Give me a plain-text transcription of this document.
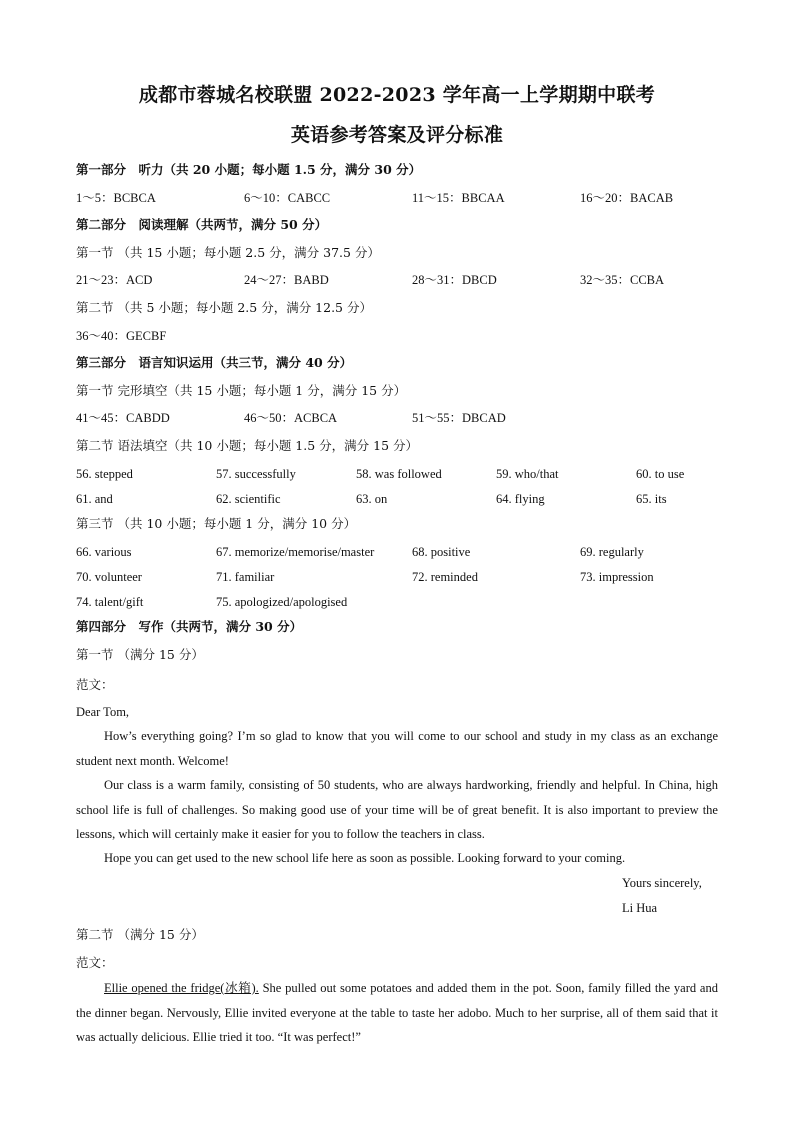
成都市蓉城名校联盟 2022-2023 学年高一上学期期中联考
英语参考答案及评分标准
第一部分　听力（共 20 小题；每小题 1.5 分，满分 30 分）
1～5：BCBCA	6～10：CABCC	11～15：BBCAA	16～20：BACAB
第二部分　阅读理解（共两节，满分 50 分）
第一节 （共 15 小题；每小题 2.5 分，满分 37.5 分）
21～23：ACD	24～27：BABD	28～31：DBCD	32～35：CCBA
第二节 （共 5 小题；每小题 2.5 分，满分 12.5 分）
36～40：GECBF
第三部分　语言知识运用（共三节，满分 40 分）
第一节 完形填空（共 15 小题；每小题 1 分，满分 15 分）
41～45：CABDD	46～50：ACBCA	51～55：DBCAD
第二节 语法填空（共 10 小题；每小题 1.5 分，满分 15 分）
56. stepped	57. successfully	58. was followed	59. who/that	60. to use
61. and	62. scientific	63. on	64. flying	65. its
第三节 （共 10 小题；每小题 1 分，满分 10 分）
66. various	67. memorize/memorise/master	68. positive	69. regularly
70. volunteer	71. familiar	72. reminded	73. impression
74. talent/gift	75. apologized/apologised
第四部分　写作（共两节，满分 30 分）
第一节 （满分 15 分）
范文：
Dear Tom,
How’s everything going? I’m so glad to know that you will come to our school and study in my class as an exchange student next month. Welcome!
Our class is a warm family, consisting of 50 students, who are always hardworking, friendly and helpful. In China, high school life is full of challenges. So making good use of your time will be of great benefit. It is also important to preview the lessons, which will certainly make it easier for you to follow the teachers in class.
Hope you can get used to the new school life here as soon as possible. Looking forward to your coming.
Yours sincerely,
Li Hua
第二节 （满分 15 分）
范文：
Ellie opened the fridge(冰箱). She pulled out some potatoes and added them in the pot. Soon, family filled the yard and the dinner began. Nervously, Ellie invited everyone at the table to taste her adobo. Much to her surprise, all of them said that it was actually delicious. Ellie tried it too. “It was perfect!”
